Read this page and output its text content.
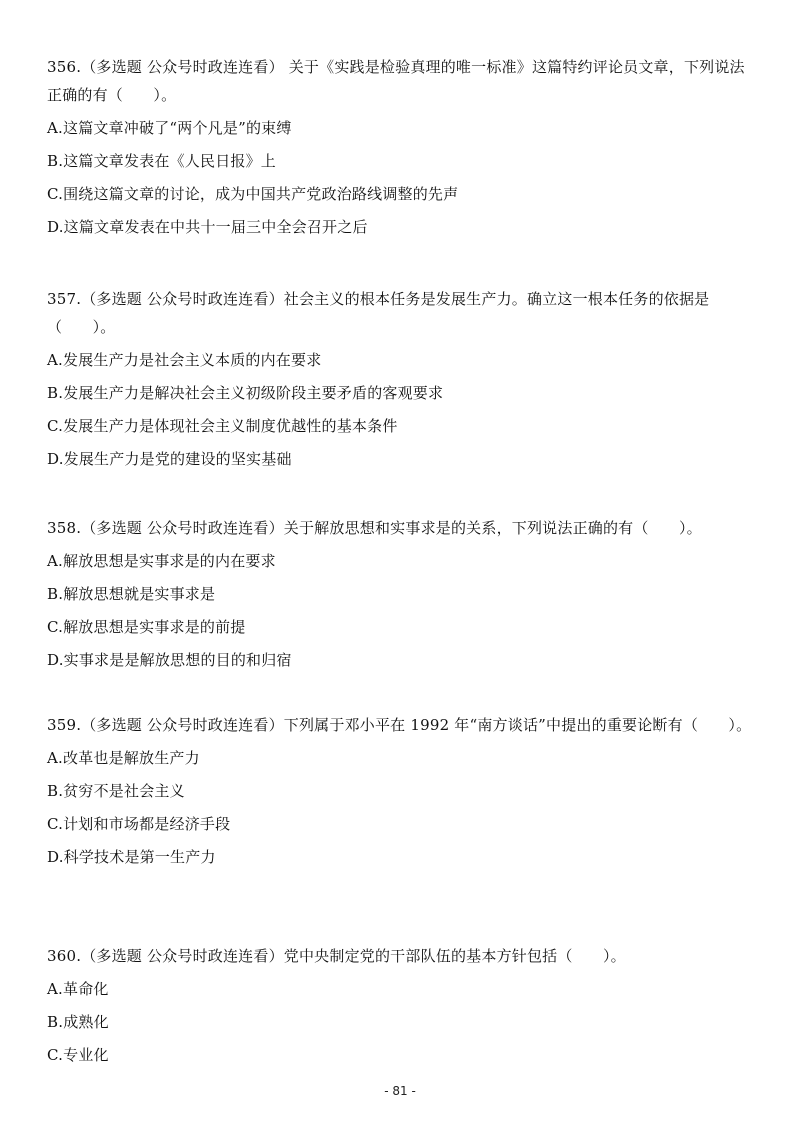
356.（多选题 公众号时政连连看） 关于《实践是检验真理的唯一标准》这篇特约评论员文章，下列说法正确的有（　　）。

A.这篇文章冲破了“两个凡是”的束缚

B.这篇文章发表在《人民日报》上

C.围绕这篇文章的讨论，成为中国共产党政治路线调整的先声

D.这篇文章发表在中共十一届三中全会召开之后

357.（多选题 公众号时政连连看）社会主义的根本任务是发展生产力。确立这一根本任务的依据是（　　）。

A.发展生产力是社会主义本质的内在要求

B.发展生产力是解决社会主义初级阶段主要矛盾的客观要求

C.发展生产力是体现社会主义制度优越性的基本条件

D.发展生产力是党的建设的坚实基础

358.（多选题 公众号时政连连看）关于解放思想和实事求是的关系，下列说法正确的有（　　）。

A.解放思想是实事求是的内在要求

B.解放思想就是实事求是

C.解放思想是实事求是的前提

D.实事求是是解放思想的目的和归宿

359.（多选题 公众号时政连连看）下列属于邓小平在 1992 年“南方谈话”中提出的重要论断有（　　）。

A.改革也是解放生产力

B.贫穷不是社会主义

C.计划和市场都是经济手段

D.科学技术是第一生产力

360.（多选题 公众号时政连连看）党中央制定党的干部队伍的基本方针包括（　　）。

A.革命化

B.成熟化

C.专业化

- 81 -
